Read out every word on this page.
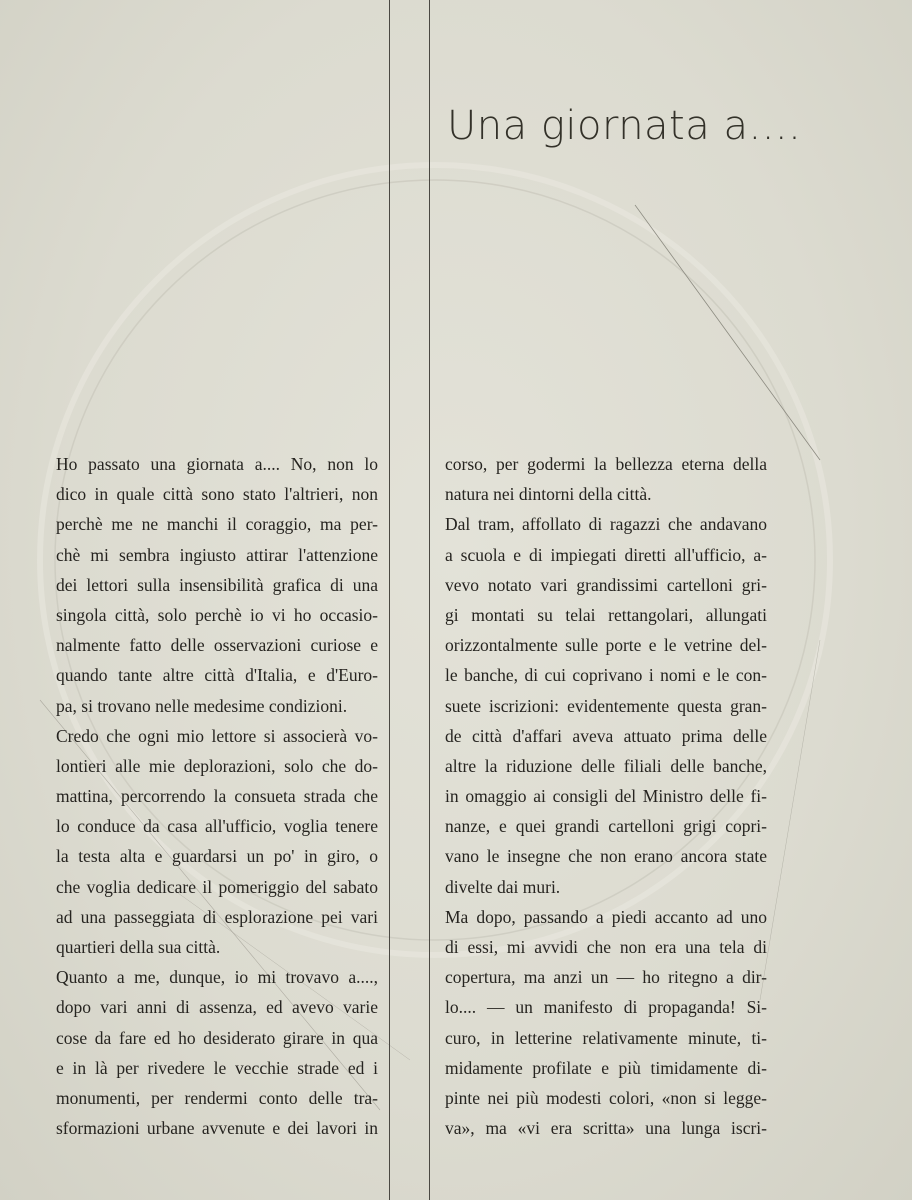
Una giornata a....
Ho passato una giornata a.... No, non lo
dico in quale città sono stato l'altrieri, non
perchè me ne manchi il coraggio, ma per-
chè mi sembra ingiusto attirar l'attenzione
dei lettori sulla insensibilità grafica di una
singola città, solo perchè io vi ho occasio-
nalmente fatto delle osservazioni curiose e
quando tante altre città d'Italia, e d'Euro-
pa, si trovano nelle medesime condizioni.
Credo che ogni mio lettore si associerà vo-
lontieri alle mie deplorazioni, solo che do-
mattina, percorrendo la consueta strada che
lo conduce da casa all'ufficio, voglia tenere
la testa alta e guardarsi un po' in giro, o
che voglia dedicare il pomeriggio del sabato
ad una passeggiata di esplorazione pei vari
quartieri della sua città.
Quanto a me, dunque, io mi trovavo a....,
dopo vari anni di assenza, ed avevo varie
cose da fare ed ho desiderato girare in qua
e in là per rivedere le vecchie strade ed i
monumenti, per rendermi conto delle tra-
sformazioni urbane avvenute e dei lavori in
corso, per godermi la bellezza eterna della
natura nei dintorni della città.
Dal tram, affollato di ragazzi che andavano
a scuola e di impiegati diretti all'ufficio, a-
vevo notato vari grandissimi cartelloni gri-
gi montati su telai rettangolari, allungati
orizzontalmente sulle porte e le vetrine del-
le banche, di cui coprivano i nomi e le con-
suete iscrizioni: evidentemente questa gran-
de città d'affari aveva attuato prima delle
altre la riduzione delle filiali delle banche,
in omaggio ai consigli del Ministro delle fi-
nanze, e quei grandi cartelloni grigi copri-
vano le insegne che non erano ancora state
divelte dai muri.
Ma dopo, passando a piedi accanto ad uno
di essi, mi avvidi che non era una tela di
copertura, ma anzi un — ho ritegno a dir-
lo.... — un manifesto di propaganda! Si-
curo, in letterine relativamente minute, ti-
midamente profilate e più timidamente di-
pinte nei più modesti colori, «non si legge-
va», ma «vi era scritta» una lunga iscri-
